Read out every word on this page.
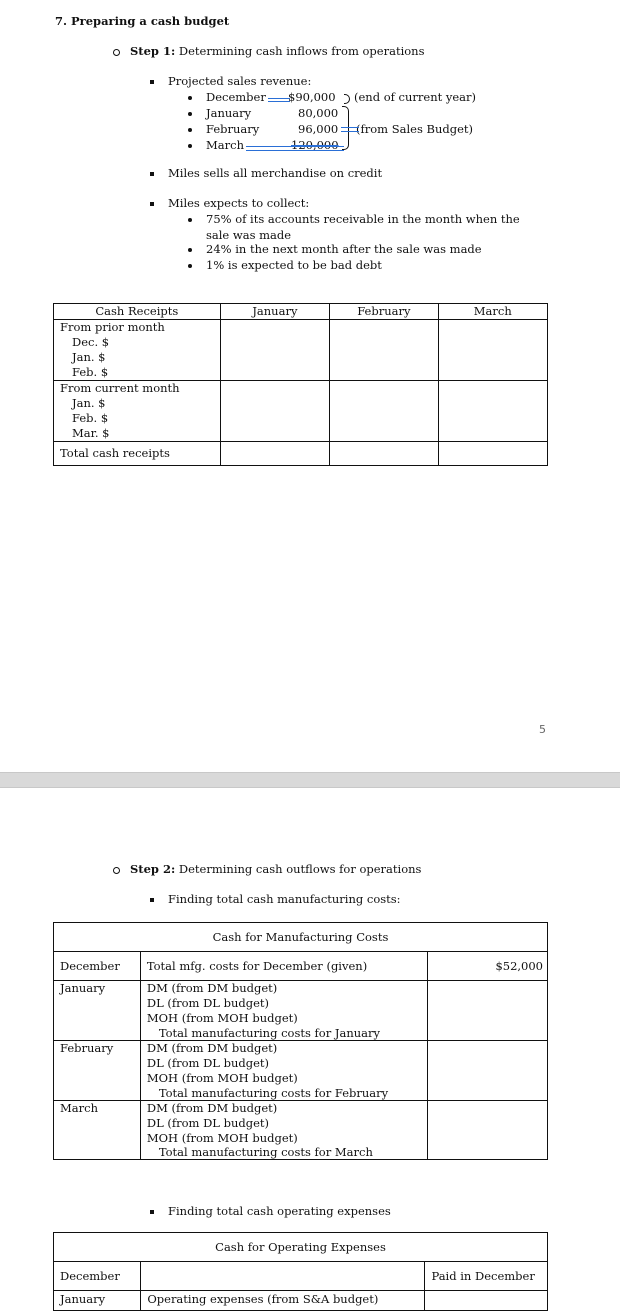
7. Preparing a cash budget
Step 1: Determining cash inflows from operations
Projected sales revenue:
December $90,000
January	80,000
February	96,000
March	120,000
(end of current year)
(from Sales Budget)
Miles sells all merchandise on credit
Miles expects to collect:
75% of its accounts receivable in the month when the
sale was made
24% in the next month after the sale was made
1% is expected to be bad debt
Cash Receipts	January	February	March

From prior month
Dec. $
Jan. $
Feb. $			

From current month
Jan. $
Feb. $
Mar. $			

Total cash receipts			
5
Step 2: Determining cash outflows for operations
Finding total cash manufacturing costs:
Cash for Manufacturing Costs		
December	Total mfg. costs for December (given)	$52,000
January	DM (from DM budget)
DL (from DL budget)
MOH (from MOH budget)
Total manufacturing costs for January	

February	DM (from DM budget)
DL (from DL budget)
MOH (from MOH budget)
Total manufacturing costs for February	

March	DM (from DM budget)
DL (from DL budget)
MOH (from MOH budget)
Total manufacturing costs for March	

Finding total cash operating expenses
Cash for Operating Expenses		
December		Paid in December
January	Operating expenses (from S&A budget)	
